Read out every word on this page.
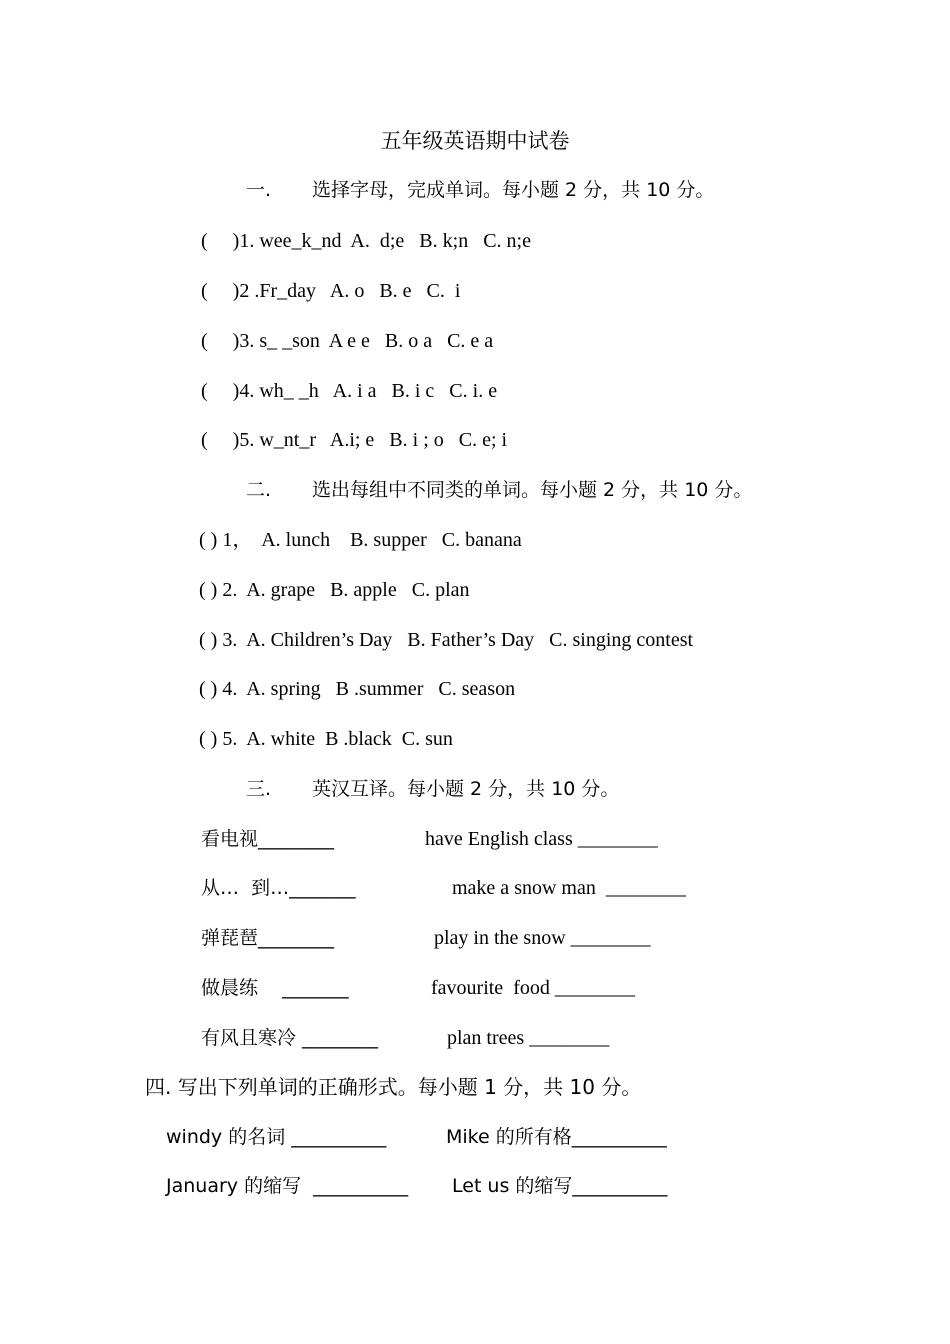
五年级英语期中试卷
一. 选择字母，完成单词。每小题 2 分，共 10 分。
(     )1. wee_k_nd  A.  d;e   B. k;n   C. n;e
(     )2 .Fr_day   A. o   B. e   C.  i
(     )3. s_ _son  A e e   B. o a   C. e a
(     )4. wh_ _h   A. i a   B. i c   C. i. e
(     )5. w_nt_r   A.i; e   B. i ; o   C. e; i
二. 选出每组中不同类的单词。每小题 2 分，共 10 分。
( ) 1，  A. lunch    B. supper   C. banana
( ) 2.  A. grape   B. apple   C. plan
( ) 3.  A. Children’s Day   B. Father’s Day   C. singing contest
( ) 4.  A. spring   B .summer   C. season
( ) 5.  A. white  B .black  C. sun
三. 英汉互译。每小题 2 分，共 10 分。
看电视________	have English class ________
从…  到…_______	make a snow man  ________
弹琵琶________	play in the snow ________
做晨练    _______	favourite  food ________
有风且寒冷 ________	plan trees ________
四. 写出下列单词的正确形式。每小题 1 分，共 10 分。
windy 的名词 __________	Mike 的所有格__________
January 的缩写  __________ Let us 的缩写__________
